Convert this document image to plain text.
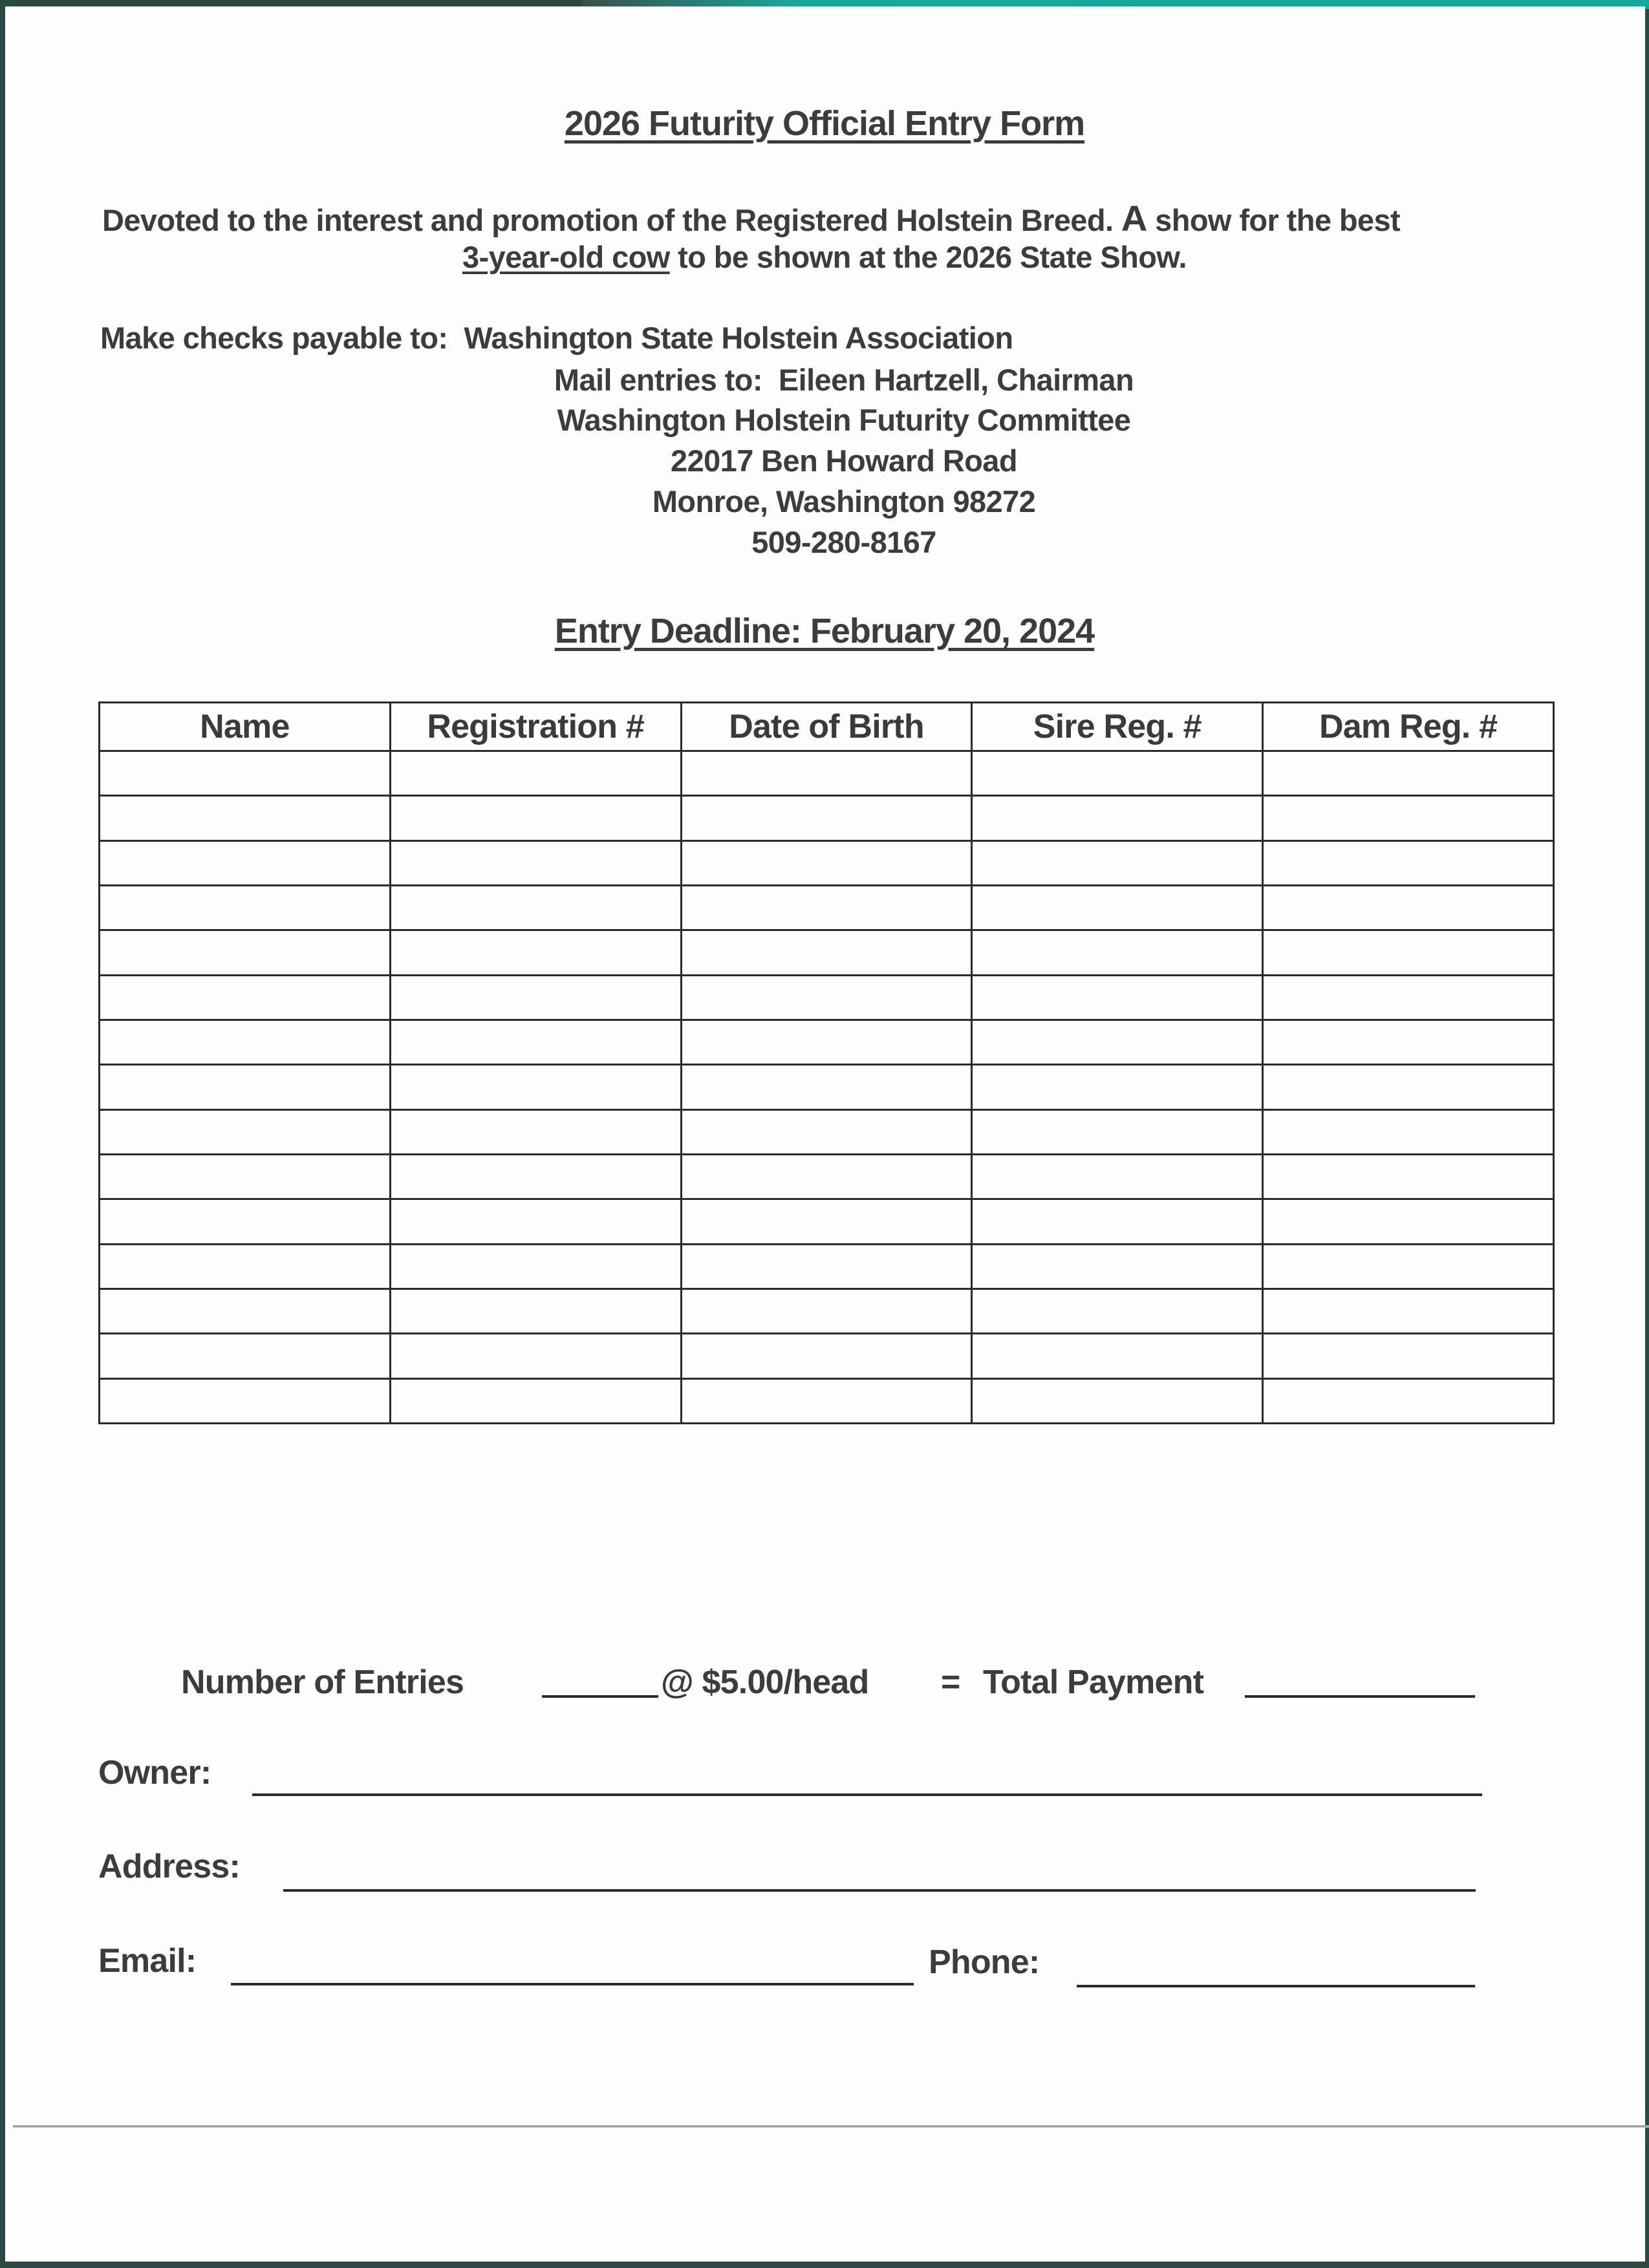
2026 Futurity Official Entry Form
Devoted to the interest and promotion of the Registered Holstein Breed. A show for the best
3-year-old cow to be shown at the 2026 State Show.
Make checks payable to: Washington State Holstein Association
Mail entries to: Eileen Hartzell, Chairman
Washington Holstein Futurity Committee
22017 Ben Howard Road
Monroe, Washington 98272
509-280-8167
Entry Deadline: February 20, 2024
Name	Registration #	Date of Birth	Sire Reg. #	Dam Reg. #

Number of Entries	@ $5.00/head = Total Payment
Owner:
Address:
Email:	Phone:
